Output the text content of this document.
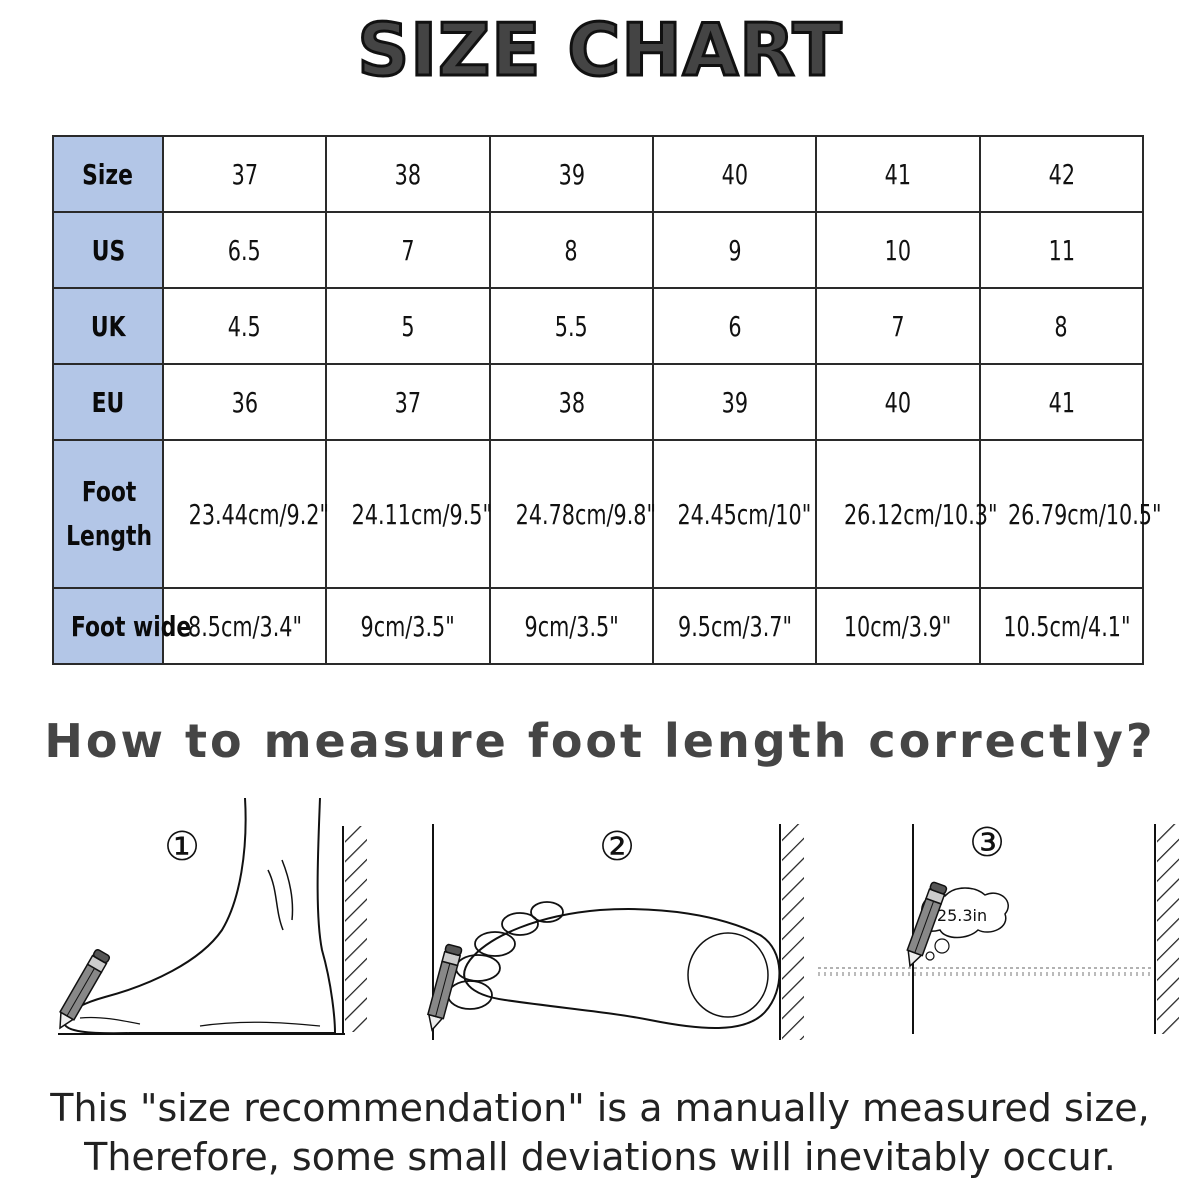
SIZE CHART
Size	37	38	39	40	41	42
US	6.5	7	8	9	10	11
UK	4.5	5	5.5	6	7	8
EU	36	37	38	39	40	41
Foot
Length	23.44cm/9.2"	24.11cm/9.5"	24.78cm/9.8"	24.45cm/10"	26.12cm/10.3"	26.79cm/10.5"
Foot wide	8.5cm/3.4"	9cm/3.5"	9cm/3.5"	9.5cm/3.7"	10cm/3.9"	10.5cm/4.1"
How to measure foot length correctly?
①	②	③
25.3in
This "size recommendation" is a manually measured size,
Therefore, some small deviations will inevitably occur.
